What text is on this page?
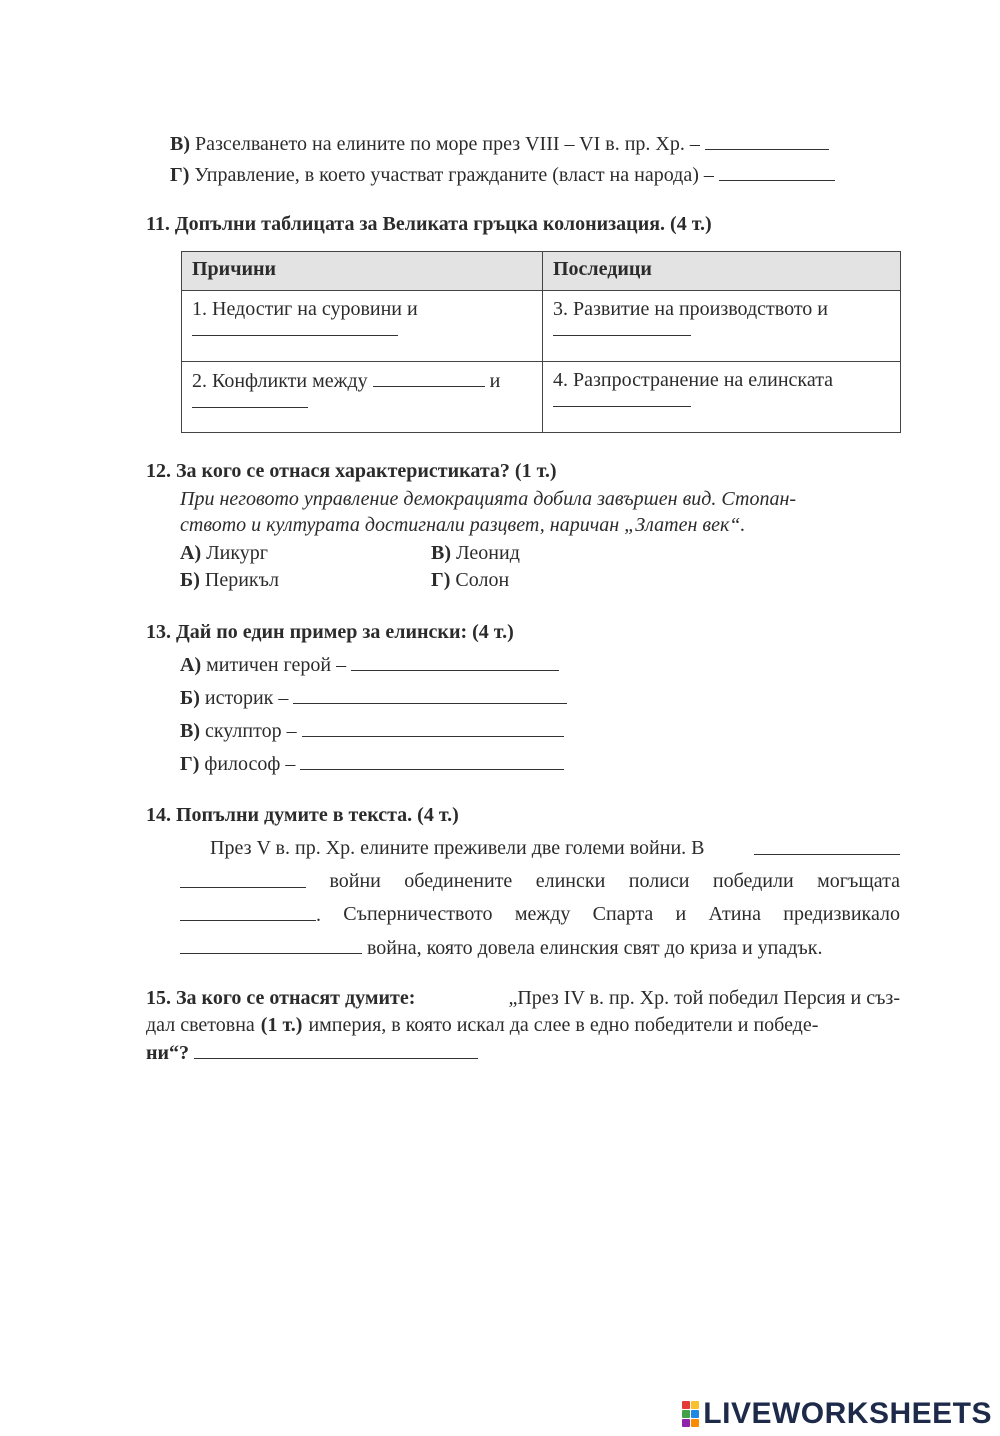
В) Разселването на елините по море през VIII – VI в. пр. Хр. –
Г) Управление, в което участват гражданите (власт на народа) –
11. Допълни таблицата за Великата гръцка колонизация. (4 т.)
Причини	Последици
1. Недостиг на суровини и	3. Развитие на производството и

2. Конфликти между и	4. Разпространение на елинската
12. За кого се отнася характеристиката? (1 т.)
При неговото управление демокрацията добила завършен вид. Стопан-
ството и културата достигнали разцвет, наричан „Златен век“.
А) Ликург	В) Леонид
Б) Перикъл	Г) Солон
13. Дай по един пример за елински: (4 т.)
А) митичен герой –
Б) историк –
В) скулптор –
Г) философ –
14. Попълни думите в текста. (4 т.)
През V в. пр. Хр. елините преживели две големи войни. В
войни обединените елински полиси победили могъщата
. Съперничеството между Спарта и Атина предизвикало
война, която довела елинския свят до криза и упадък.
15. За кого се отнасят думите:	„През IV в. пр. Хр. той победил Персия и съз-
дал световна (1 т.) империя, в която искал да слее в едно победители и победе-
ни“?
LIVEWORKSHEETS
